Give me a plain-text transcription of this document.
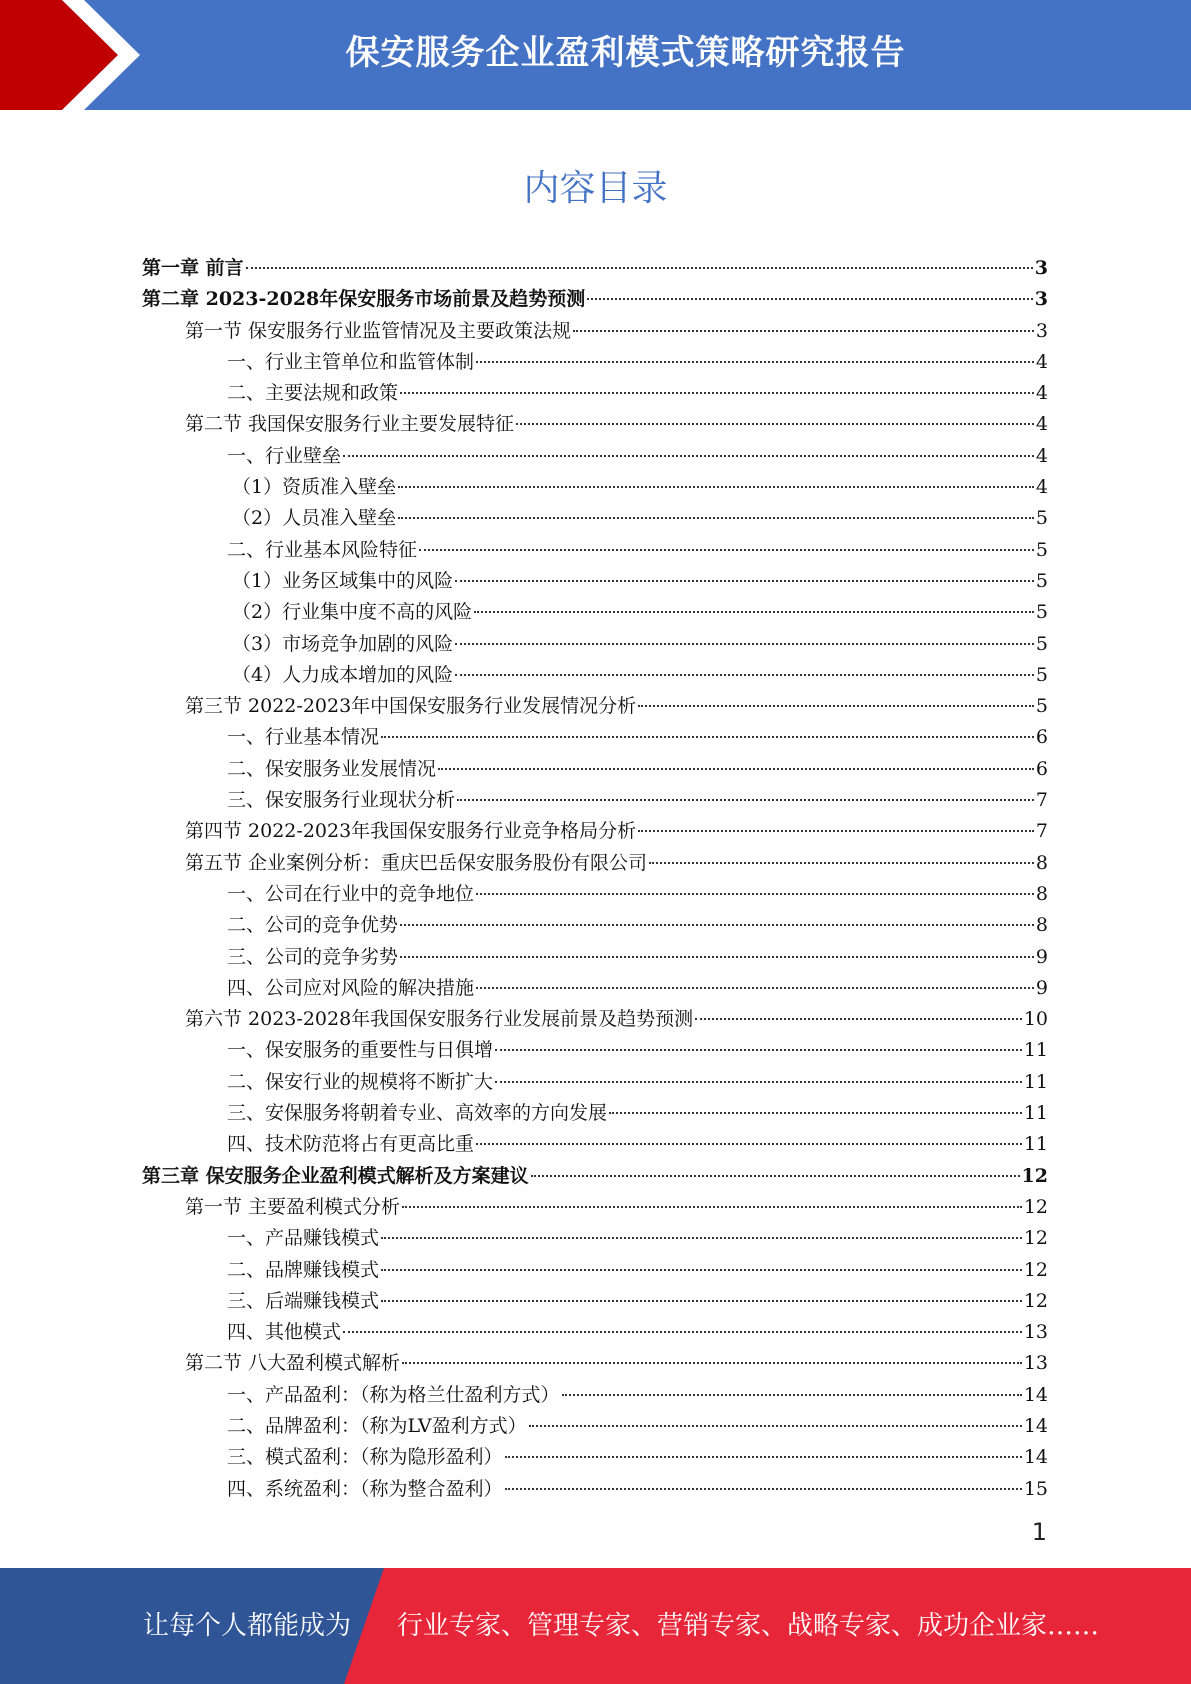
保安服务企业盈利模式策略研究报告
内容目录
第一章 前言	3
第二章 2023-2028年保安服务市场前景及趋势预测	3
第一节 保安服务行业监管情况及主要政策法规	3
一、行业主管单位和监管体制	4
二、主要法规和政策	4
第二节 我国保安服务行业主要发展特征	4
一、行业壁垒	4
（1）资质准入壁垒	4
（2）人员准入壁垒	5
二、行业基本风险特征	5
（1）业务区域集中的风险	5
（2）行业集中度不高的风险	5
（3）市场竞争加剧的风险	5
（4）人力成本增加的风险	5
第三节 2022-2023年中国保安服务行业发展情况分析	5
一、行业基本情况	6
二、保安服务业发展情况	6
三、保安服务行业现状分析	7
第四节 2022-2023年我国保安服务行业竞争格局分析	7
第五节 企业案例分析：重庆巴岳保安服务股份有限公司	8
一、公司在行业中的竞争地位	8
二、公司的竞争优势	8
三、公司的竞争劣势	9
四、公司应对风险的解决措施	9
第六节 2023-2028年我国保安服务行业发展前景及趋势预测	10
一、保安服务的重要性与日俱增	11
二、保安行业的规模将不断扩大	11
三、安保服务将朝着专业、高效率的方向发展	11
四、技术防范将占有更高比重	11
第三章 保安服务企业盈利模式解析及方案建议	12
第一节 主要盈利模式分析	12
一、产品赚钱模式	12
二、品牌赚钱模式	12
三、后端赚钱模式	12
四、其他模式	13
第二节 八大盈利模式解析	13
一、产品盈利：（称为格兰仕盈利方式）	14
二、品牌盈利：（称为LV盈利方式）	14
三、模式盈利：（称为隐形盈利）	14
四、系统盈利：（称为整合盈利）	15
1
让每个人都能成为 行业专家、管理专家、营销专家、战略专家、成功企业家……
